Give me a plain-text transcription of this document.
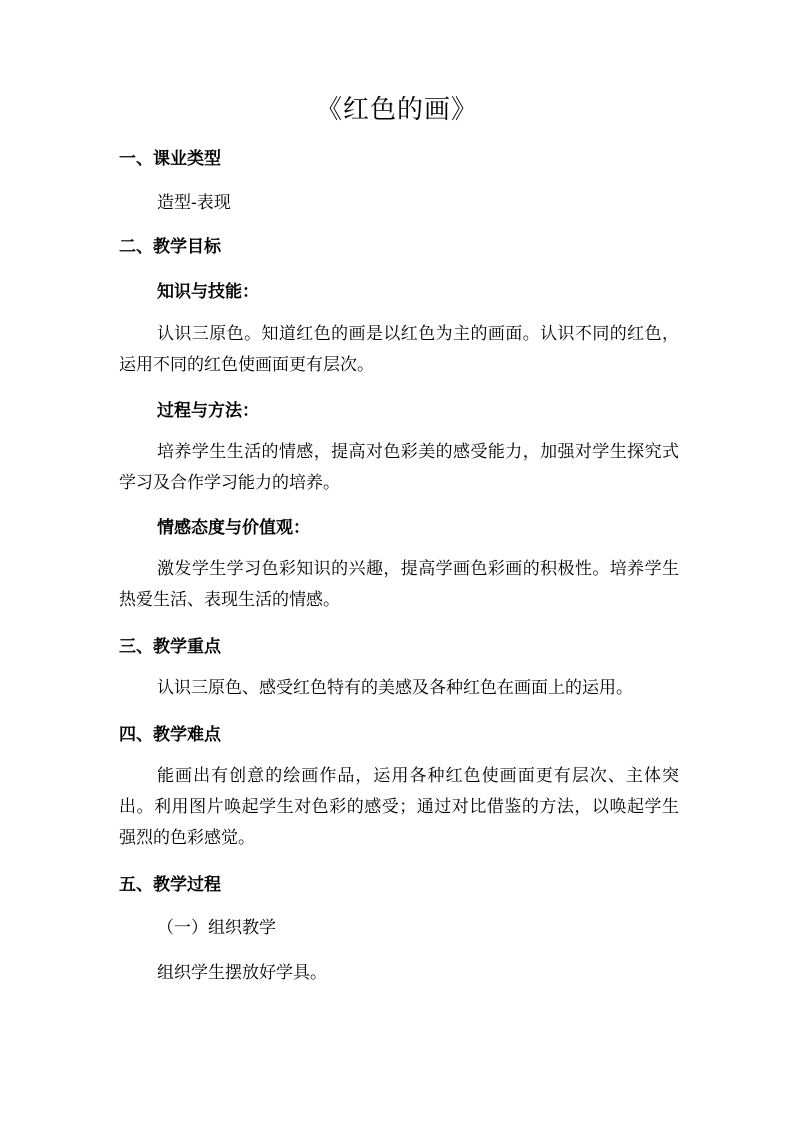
《红色的画》
一、课业类型
造型-表现
二、教学目标
知识与技能：

认识三原色。知道红色的画是以红色为主的画面。认识不同的红色，运用不同的红色使画面更有层次。

过程与方法：

培养学生生活的情感，提高对色彩美的感受能力，加强对学生探究式学习及合作学习能力的培养。

情感态度与价值观：

激发学生学习色彩知识的兴趣，提高学画色彩画的积极性。培养学生热爱生活、表现生活的情感。

三、教学重点

认识三原色、感受红色特有的美感及各种红色在画面上的运用。

四、教学难点

能画出有创意的绘画作品，运用各种红色使画面更有层次、主体突出。利用图片唤起学生对色彩的感受；通过对比借鉴的方法，以唤起学生强烈的色彩感觉。

五、教学过程
（一）组织教学
组织学生摆放好学具。
